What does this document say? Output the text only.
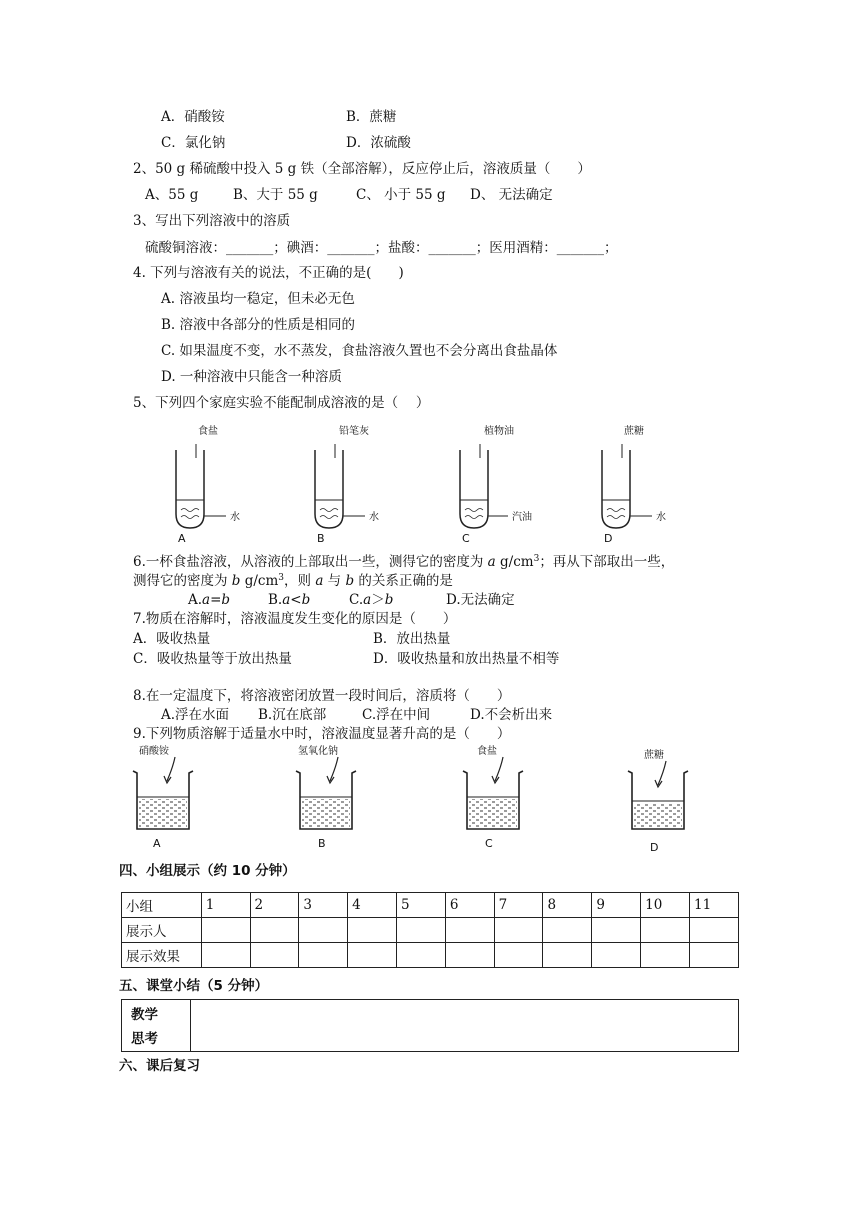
A．硝酸铵	B．蔗糖
C．氯化钠	D．浓硫酸
2、50 g 稀硫酸中投入 5 g 铁（全部溶解），反应停止后，溶液质量（　　）
A、55 g	B、大于 55 g	C、 小于 55 g D、 无法确定
3、写出下列溶液中的溶质
硫酸铜溶液：_______；碘酒：_______；盐酸：_______；医用酒精：_______；
4. 下列与溶液有关的说法，不正确的是(　　)
A. 溶液虽均一稳定，但未必无色
B. 溶液中各部分的性质是相同的
C. 如果温度不变，水不蒸发，食盐溶液久置也不会分离出食盐晶体
D. 一种溶液中只能含一种溶质
5、下列四个家庭实验不能配制成溶液的是（　 ）
食盐
水
A
铅笔灰
水
B
植物油
汽油
C
蔗糖
水
D
6.一杯食盐溶液，从溶液的上部取出一些，测得它的密度为 a $g/cm^3$；再从下部取出一些，
测得它的密度为 b $g/cm^3$，则 a 与 b 的关系正确的是
A.a=b	B.a<b	C.a＞b	D.无法确定
7.物质在溶解时，溶液温度发生变化的原因是（　　）
A．吸收热量	B．放出热量
C．吸收热量等于放出热量	D．吸收热量和放出热量不相等
8.在一定温度下，将溶液密闭放置一段时间后，溶质将（　　）
A.浮在水面 B.沉在底部	C.浮在中间	D.不会析出来
9.下列物质溶解于适量水中时，溶液温度显著升高的是（　　）
硝酸铵
A
氢氧化钠
B
食盐
C
蔗糖
D
四、小组展示（约 10 分钟）
小组	1	2	3	4	5	6	7	8	9	10	11
展示人											
展示效果											
五、课堂小结（5 分钟）
教学
思考
六、课后复习
